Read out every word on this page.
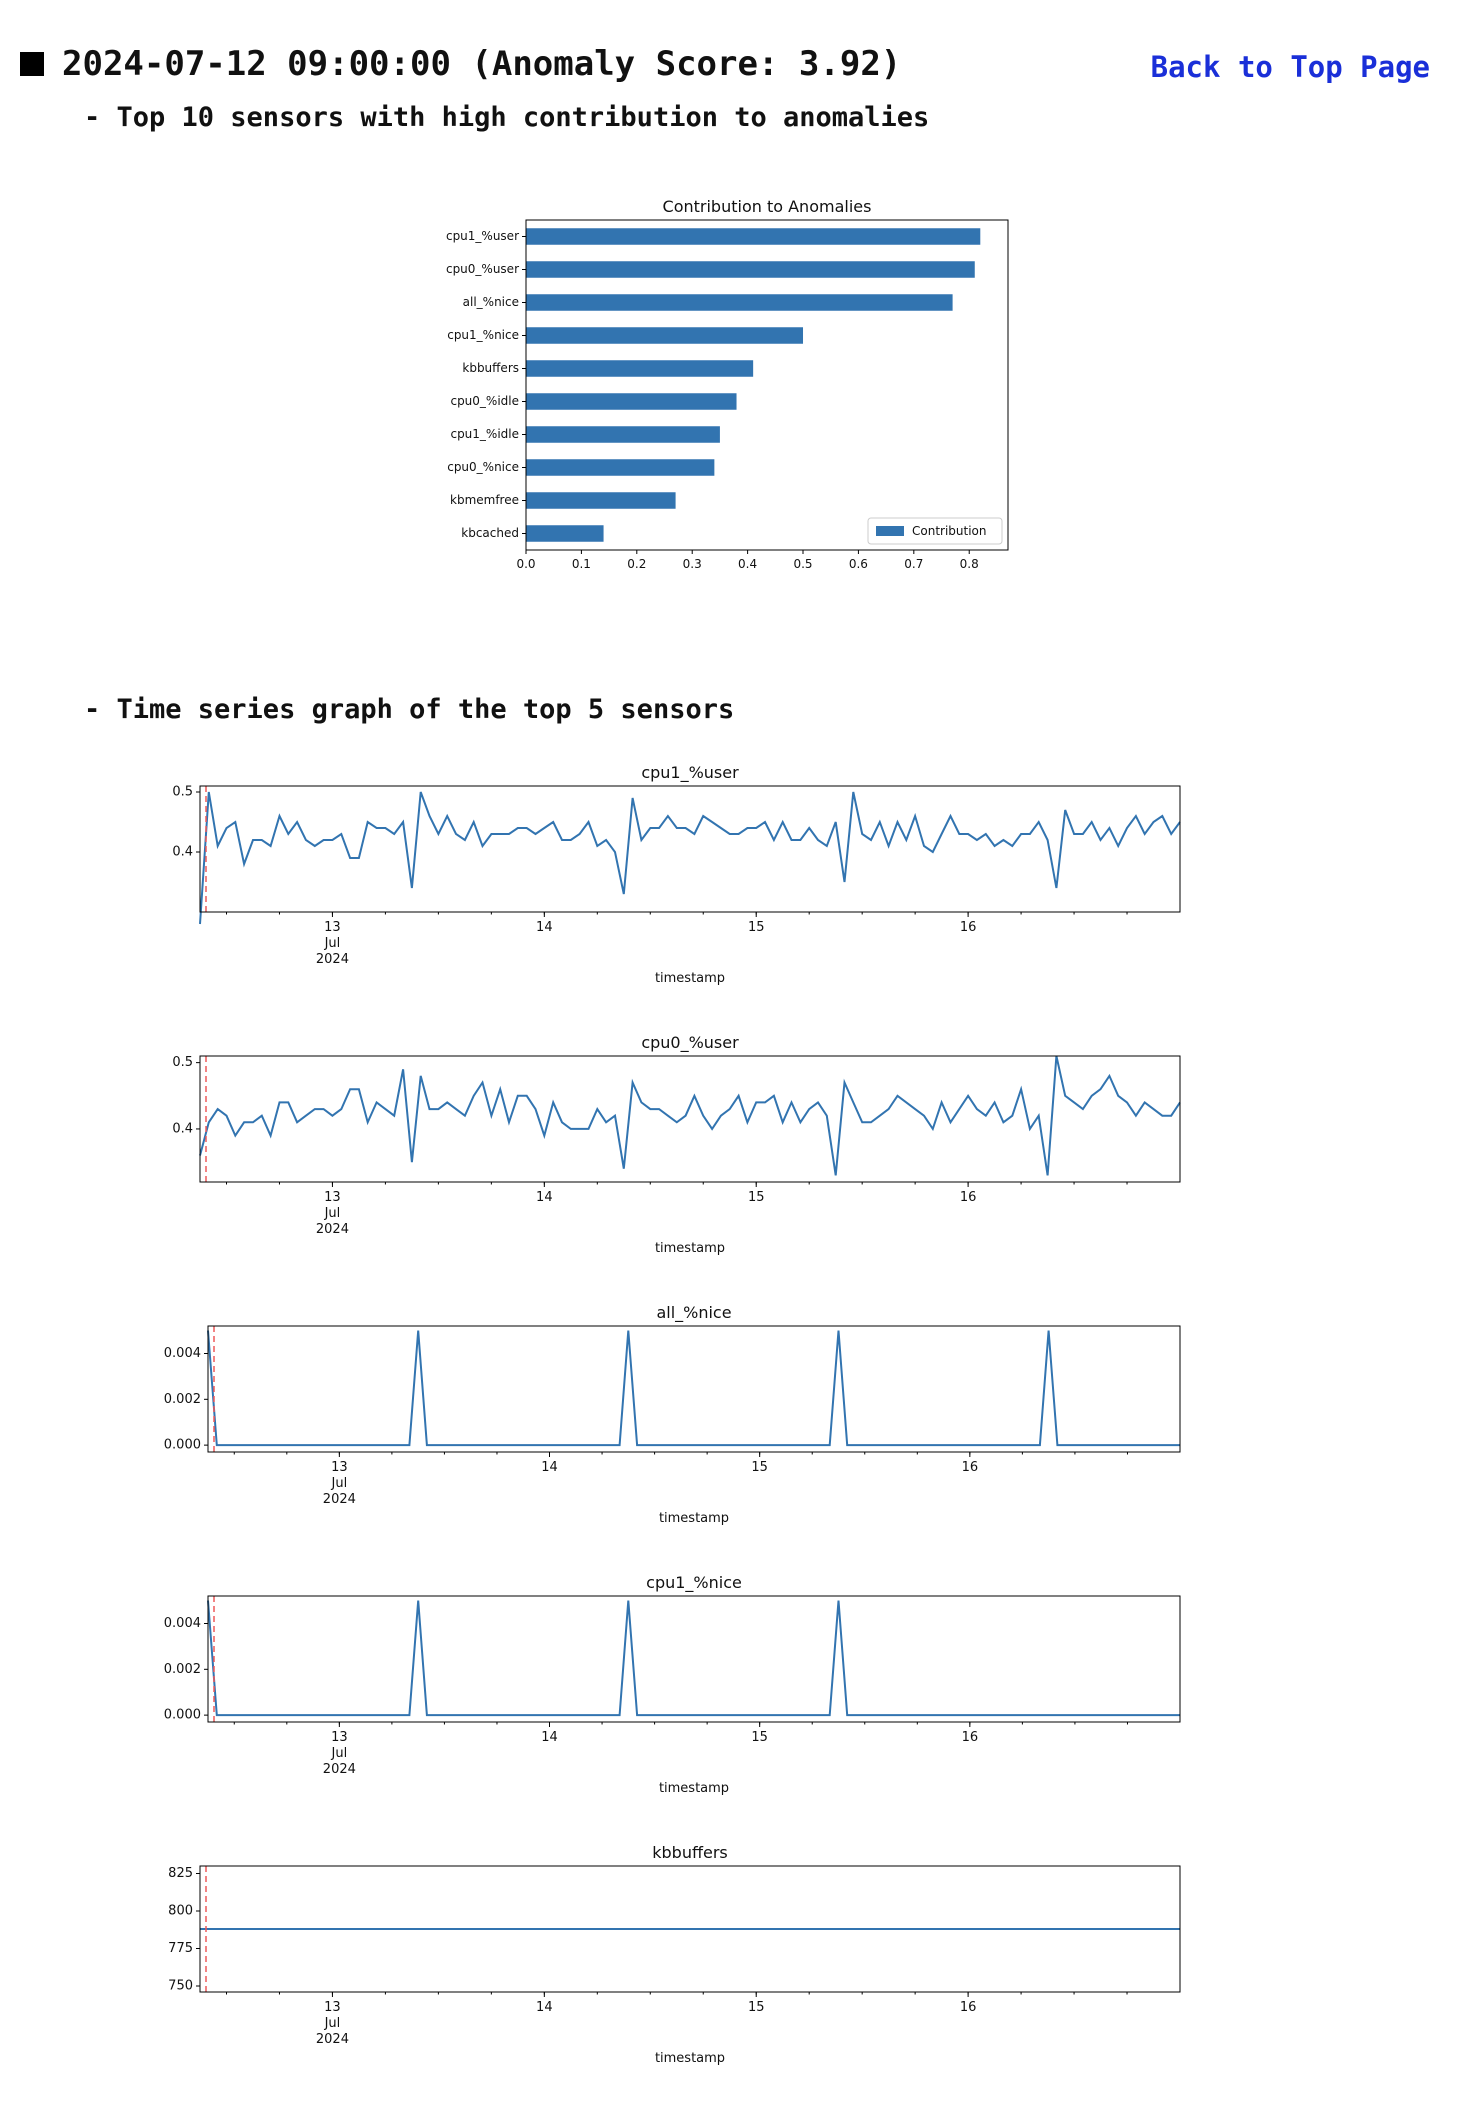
2024-07-12 09:00:00 (Anomaly Score: 3.92)	Back to Top Page
- Top 10 sensors with high contribution to anomalies
Contribution to Anomalies
cpu1_%user
cpu0_%user
all_%nice
cpu1_%nice
kbbuffers
cpu0_%idle
cpu1_%idle
cpu0_%nice
kbmemfree
kbcached
0.0	0.1	0.2	0.3	0.4	0.5	0.6	0.7	0.8
Contribution
- Time series graph of the top 5 sensors
cpu1_%user
0.4
0.5
13
Jul
2024
14	15	16
timestamp
cpu0_%user
0.4
0.5
13
Jul
2024
14	15	16
timestamp
all_%nice
0.000
0.002
0.004
13
Jul
2024
14	15	16
timestamp
cpu1_%nice
0.000
0.002
0.004
13
Jul
2024
14	15	16
timestamp
kbbuffers
750
775
800
825
13
Jul
2024
14	15	16
timestamp
